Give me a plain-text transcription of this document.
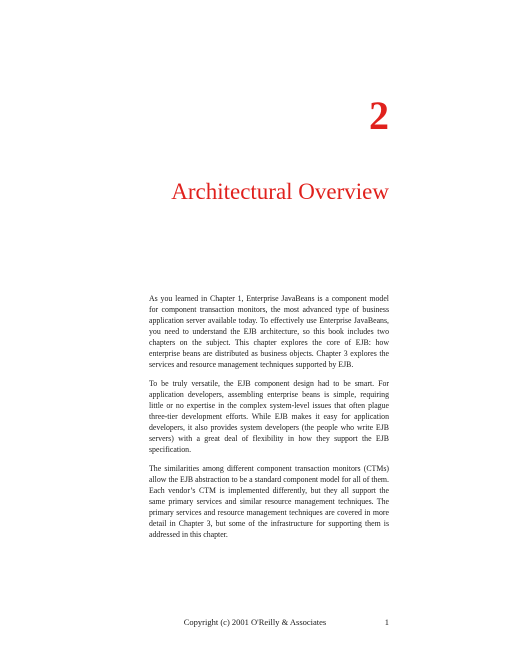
2
Architectural Overview

As you learned in Chapter 1, Enterprise JavaBeans is a component model for component transaction monitors, the most advanced type of business application server available today. To effectively use Enterprise JavaBeans, you need to understand the EJB architecture, so this book includes two chapters on the subject. This chapter explores the core of EJB: how enterprise beans are distributed as business objects. Chapter 3 explores the services and resource management techniques supported by EJB.

To be truly versatile, the EJB component design had to be smart. For application developers, assembling enterprise beans is simple, requiring little or no expertise in the complex system-level issues that often plague three-tier development efforts. While EJB makes it easy for application developers, it also provides system developers (the people who write EJB servers) with a great deal of flexibility in how they support the EJB specification.

The similarities among different component transaction monitors (CTMs) allow the EJB abstraction to be a standard component model for all of them. Each vendor’s CTM is implemented differently, but they all support the same primary services and similar resource management techniques. The primary services and resource management techniques are covered in more detail in Chapter 3, but some of the infrastructure for supporting them is addressed in this chapter.

Copyright (c) 2001 O'Reilly & Associates	1
